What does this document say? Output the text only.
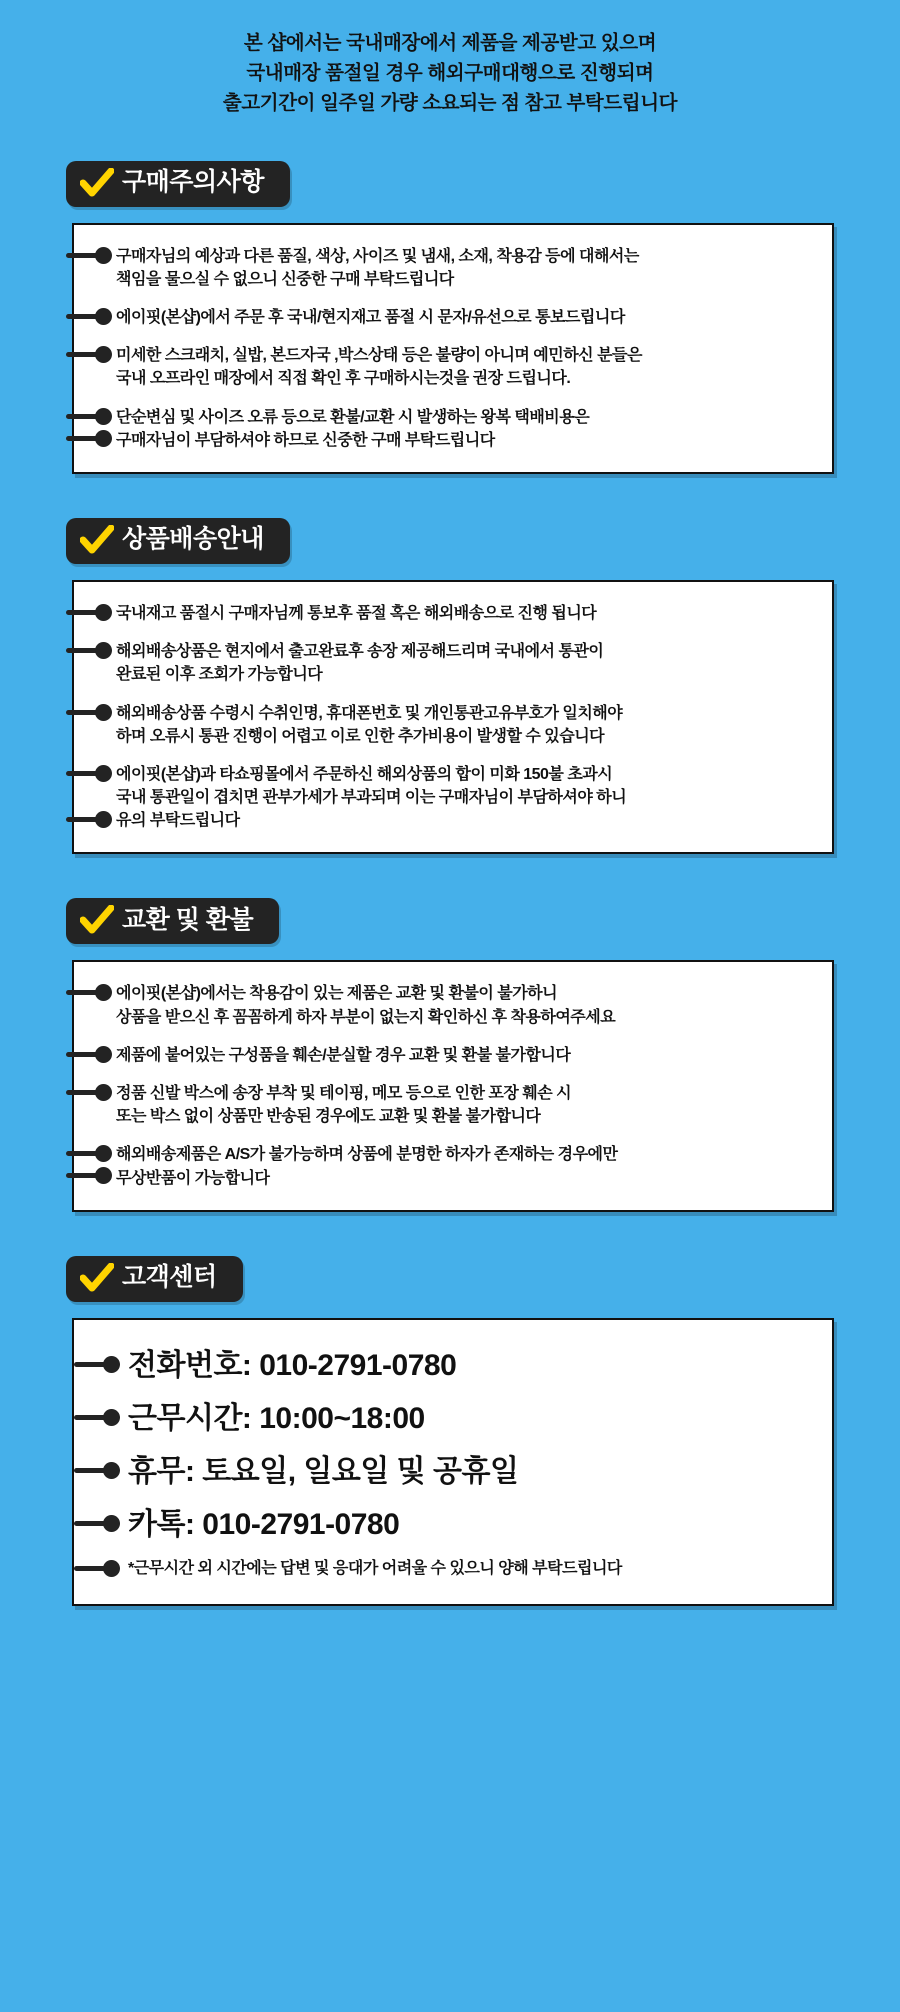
본 샵에서는 국내매장에서 제품을 제공받고 있으며
국내매장 품절일 경우 해외구매대행으로 진행되며
출고기간이 일주일 가량 소요되는 점 참고 부탁드립니다
구매주의사항
구매자님의 예상과 다른 품질, 색상, 사이즈 및 냄새, 소재, 착용감 등에 대해서는
책임을 물으실 수 없으니 신중한 구매 부탁드립니다
에이핏(본샵)에서 주문 후 국내/현지재고 품절 시 문자/유선으로 통보드립니다
미세한 스크래치, 실밥, 본드자국 ,박스상태 등은 불량이 아니며 예민하신 분들은
국내 오프라인 매장에서 직접 확인 후 구매하시는것을 권장 드립니다.
단순변심 및 사이즈 오류 등으로 환불/교환 시 발생하는 왕복 택배비용은
구매자님이 부담하셔야 하므로 신중한 구매 부탁드립니다
상품배송안내
국내재고 품절시 구매자님께 통보후 품절 혹은 해외배송으로 진행 됩니다
해외배송상품은 현지에서 출고완료후 송장 제공해드리며 국내에서 통관이
완료된 이후 조회가 가능합니다
해외배송상품 수령시 수취인명, 휴대폰번호 및 개인통관고유부호가 일치해야
하며 오류시 통관 진행이 어렵고 이로 인한 추가비용이 발생할 수 있습니다
에이핏(본샵)과 타쇼핑몰에서 주문하신 해외상품의 합이 미화 150불 초과시
국내 통관일이 겹치면 관부가세가 부과되며 이는 구매자님이 부담하셔야 하니
유의 부탁드립니다
교환 및 환불
에이핏(본샵)에서는 착용감이 있는 제품은 교환 및 환불이 불가하니
상품을 받으신 후 꼼꼼하게 하자 부분이 없는지 확인하신 후 착용하여주세요
제품에 붙어있는 구성품을 훼손/분실할 경우 교환 및 환불 불가합니다
정품 신발 박스에 송장 부착 및 테이핑, 메모 등으로 인한 포장 훼손 시
또는 박스 없이 상품만 반송된 경우에도 교환 및 환불 불가합니다
해외배송제품은 A/S가 불가능하며 상품에 분명한 하자가 존재하는 경우에만
무상반품이 가능합니다
고객센터
전화번호: 010-2791-0780
근무시간: 10:00~18:00
휴무: 토요일, 일요일 및 공휴일
카톡: 010-2791-0780
*근무시간 외 시간에는 답변 및 응대가 어려울 수 있으니 양해 부탁드립니다
